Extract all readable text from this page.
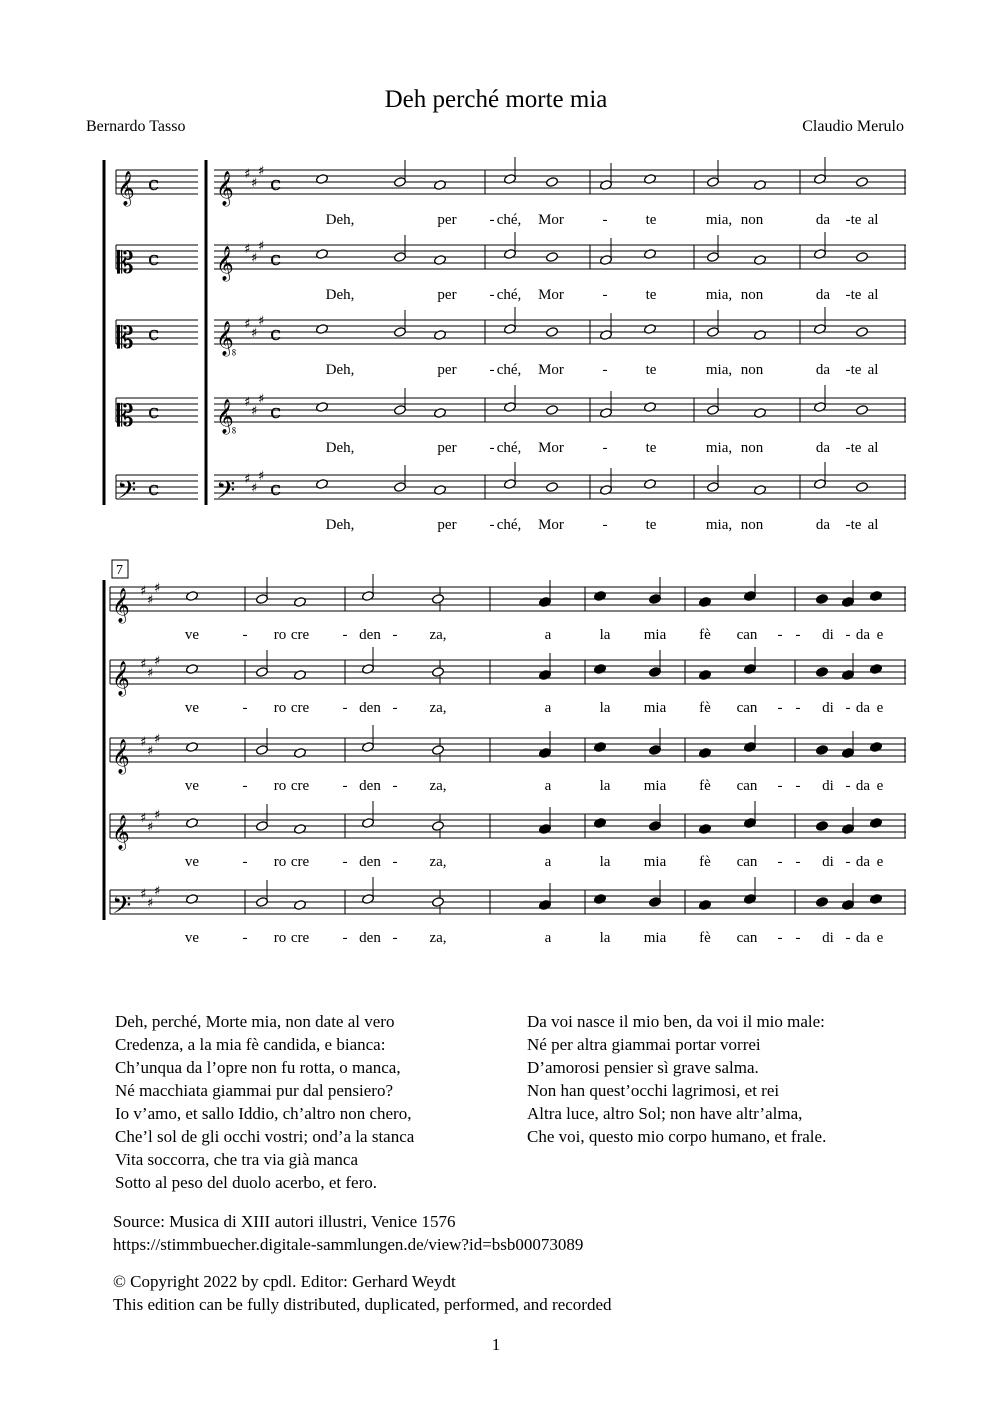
Deh perché morte mia
Bernardo Tasso	Claudio Merulo
𝄞 c 𝄞 ♯
♯
♯ c
Deh,	per - ché, Mor	-	te	mia, non	da - te al
𝄡 c 𝄞 ♯
♯
♯ c
Deh,	per - ché, Mor	-	te	mia, non	da - te al
𝄡 c 𝄠 ♯
♯
♯ c
Deh,	per - ché, Mor	-	te	mia, non	da - te al
𝄡 c 𝄠 ♯
♯
♯ c
Deh,	per - ché, Mor	-	te	mia, non	da - te al
𝄢 c 𝄢 ♯
♯
♯ c
Deh,	per - ché, Mor	-	te	mia, non	da - te al
7
𝄞 ♯
♯
♯
ve	- ro cre - den - za,	a	la mia fè can - - di - da e
𝄞 ♯
♯
♯
ve	- ro cre - den - za,	a	la mia fè can - - di - da e
𝄞 ♯
♯
♯
ve	- ro cre - den - za,	a	la mia fè can - - di - da e
𝄞 ♯
♯
♯
ve	- ro cre - den - za,	a	la mia fè can - - di - da e
𝄢 ♯
♯
♯
ve	- ro cre - den - za,	a	la mia fè can - - di - da e
Deh, perché, Morte mia, non date al vero
Credenza, a la mia fè candida, e bianca:
Ch’unqua da l’opre non fu rotta, o manca,
Né macchiata giammai pur dal pensiero?
Io v’amo, et sallo Iddio, ch’altro non chero,
Che’l sol de gli occhi vostri; ond’a la stanca
Vita soccorra, che tra via già manca
Sotto al peso del duolo acerbo, et fero.
Da voi nasce il mio ben, da voi il mio male:
Né per altra giammai portar vorrei
D’amorosi pensier sì grave salma.
Non han quest’occhi lagrimosi, et rei
Altra luce, altro Sol; non have altr’alma,
Che voi, questo mio corpo humano, et frale.
Source: Musica di XIII autori illustri, Venice 1576
https://stimmbuecher.digitale-sammlungen.de/view?id=bsb00073089
© Copyright 2022 by cpdl. Editor: Gerhard Weydt
This edition can be fully distributed, duplicated, performed, and recorded
1
